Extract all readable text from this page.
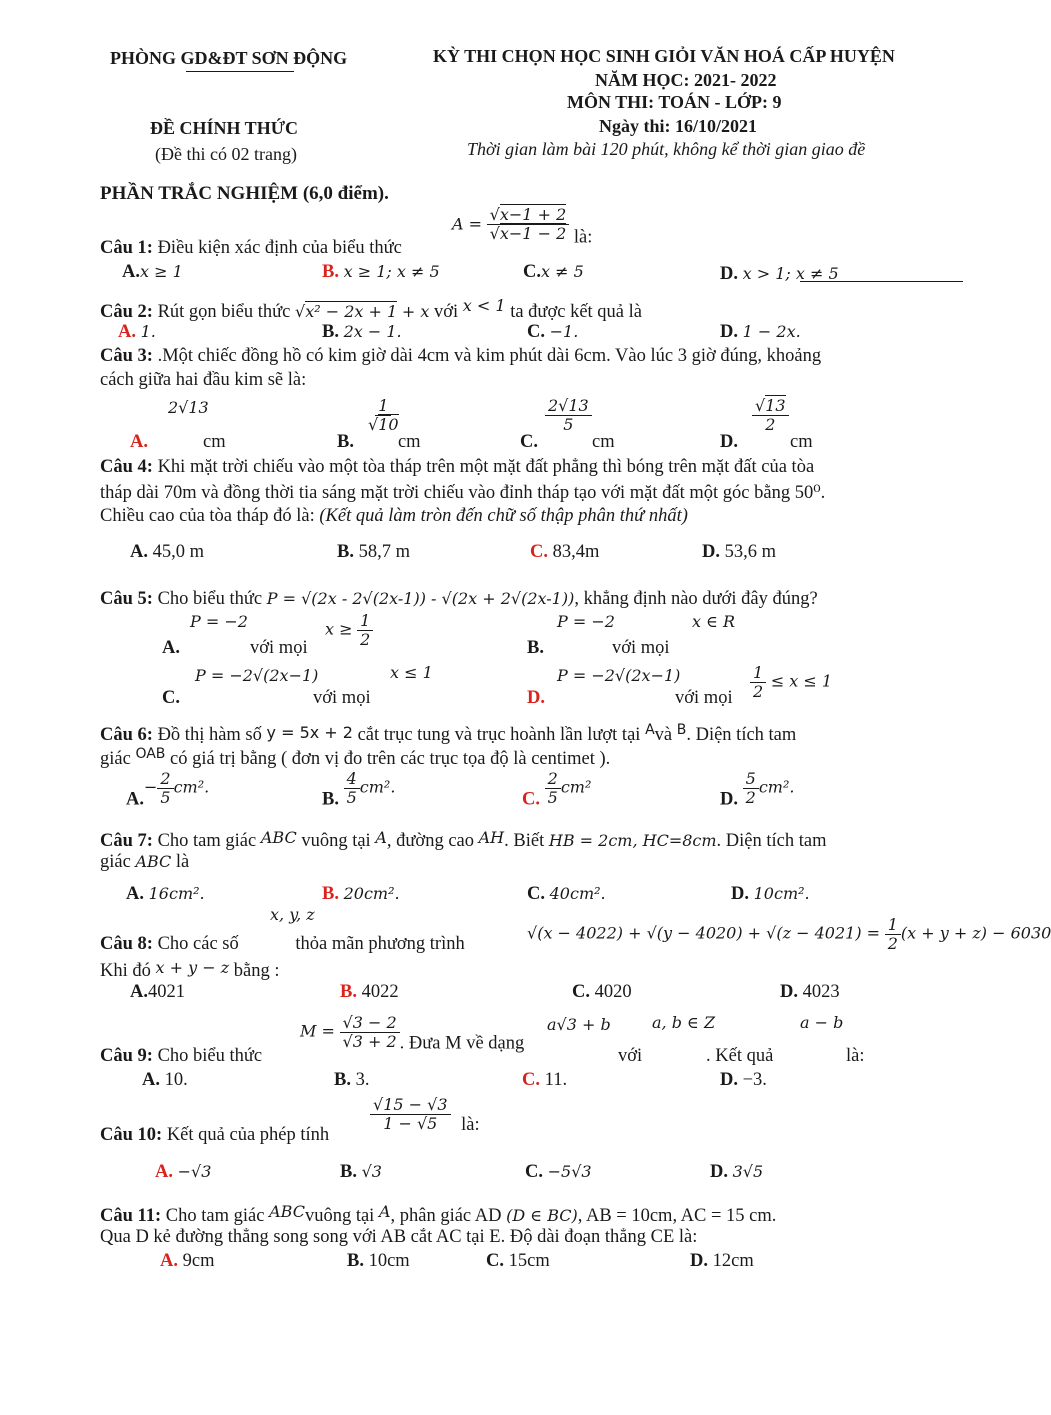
PHÒNG GD&ĐT SƠN ĐỘNG	KỲ THI CHỌN HỌC SINH GIỎI VĂN HOÁ CẤP HUYỆN
NĂM HỌC: 2021- 2022
MÔN THI: TOÁN - LỚP: 9
ĐỀ CHÍNH THỨC
(Đề thi có 02 trang)
Ngày thi: 16/10/2021
Thời gian làm bài 120 phút, không kể thời gian giao đề
PHẦN TRẮC NGHIỆM (6,0 điểm).
Câu 1: Điều kiện xác định của biểu thức
$A = \frac{√x-1 + 2}{√x-1 - 2}$ là:
A.x ≥ 1	B. x ≥ 1; x ≠ 5	C.x ≠ 5	D. x > 1; x ≠ 5
Câu 2: Rút gọn biểu thức √x² − 2x + 1 + x với x < 1 ta được kết quả là
A. 1.	B. 2x − 1.	C. −1.	D. 1 − 2x.
Câu 3: .Một chiếc đồng hồ có kim giờ dài 4cm và kim phút dài 6cm. Vào lúc 3 giờ đúng, khoảng
cách giữa hai đầu kim sẽ là:
2√13
A.	cm
$\frac{1}{√10}$
B. cm
$\frac{2√13}{5}$
C.	cm
$\frac{√13}{2}$
D.	cm
Câu 4: Khi mặt trời chiếu vào một tòa tháp trên một mặt đất phẳng thì bóng trên mặt đất của tòa
tháp dài 70m và đồng thời tia sáng mặt trời chiếu vào đỉnh tháp tạo với mặt đất một góc bằng 50⁰.
Chiều cao của tòa tháp đó là: (Kết quả làm tròn đến chữ số thập phân thứ nhất)
A. 45,0 m	B. 58,7 m	C. 83,4m	D. 53,6 m
Câu 5: Cho biểu thức P = √(2x - 2√(2x-1)) - √(2x + 2√(2x-1)), khẳng định nào dưới đây đúng?
P = −2
A.	với mọi
$x \ge \frac{1}{2}$	P = −2	x ∈ R
B.	với mọi
P = −2√(2x−1)	x ≤ 1
C.	với mọi
P = −2√(2x−1)
D.	với mọi $\frac{1}{2} \le x \le 1$
Câu 6: Đồ thị hàm số y = 5x + 2 cắt trục tung và trục hoành lần lượt tại $^A$và $^B$. Diện tích tam
giác $^{OAB}$ có giá trị bằng ( đơn vị đo trên các trục tọa độ là centimet ).
$A.- \frac{2}{5} cm^2$.
B. $\frac{4}{5} cm^2$.
C. $\frac{2}{5} cm^2$
D. $\frac{5}{2} cm^2$.
Câu 7: Cho tam giác ABC vuông tại A, đường cao AH. Biết HB = 2cm, HC=8cm. Diện tích tam
giác ABC là
A. 16cm².	B. 20cm².	C. 40cm².	D. 10cm².
x, y, z
Câu 8: Cho các số	thỏa mãn phương trình
$√(x - 4022) + √(y - 4020) + √(z - 4021) = \frac{1}{2} (x + y + z) - 6030$
Khi đó x + y − z bằng :
A.4021	B. 4022	C. 4020	D. 4023
Câu 9: Cho biểu thức
$M = \frac{√3 - 2}{√3 + 2}$ . Đưa M về dạng
a√3 + b	a, b ∈ Z	a − b
với	. Kết quả	là:
A. 10.	B. 3.	C. 11.	D. −3.
Câu 10: Kết quả của phép tính
$\frac{√15 - √3}{1 - √5}$ là:
A. −√3	B. √3	C. −5√3	D. 3√5
Câu 11: Cho tam giác ABCvuông tại A, phân giác AD (D ∈ BC), AB = 10cm, AC = 15 cm.
Qua D kẻ đường thẳng song song với AB cắt AC tại E. Độ dài đoạn thẳng CE là:
A. 9cm	B. 10cm	C. 15cm	D. 12cm
